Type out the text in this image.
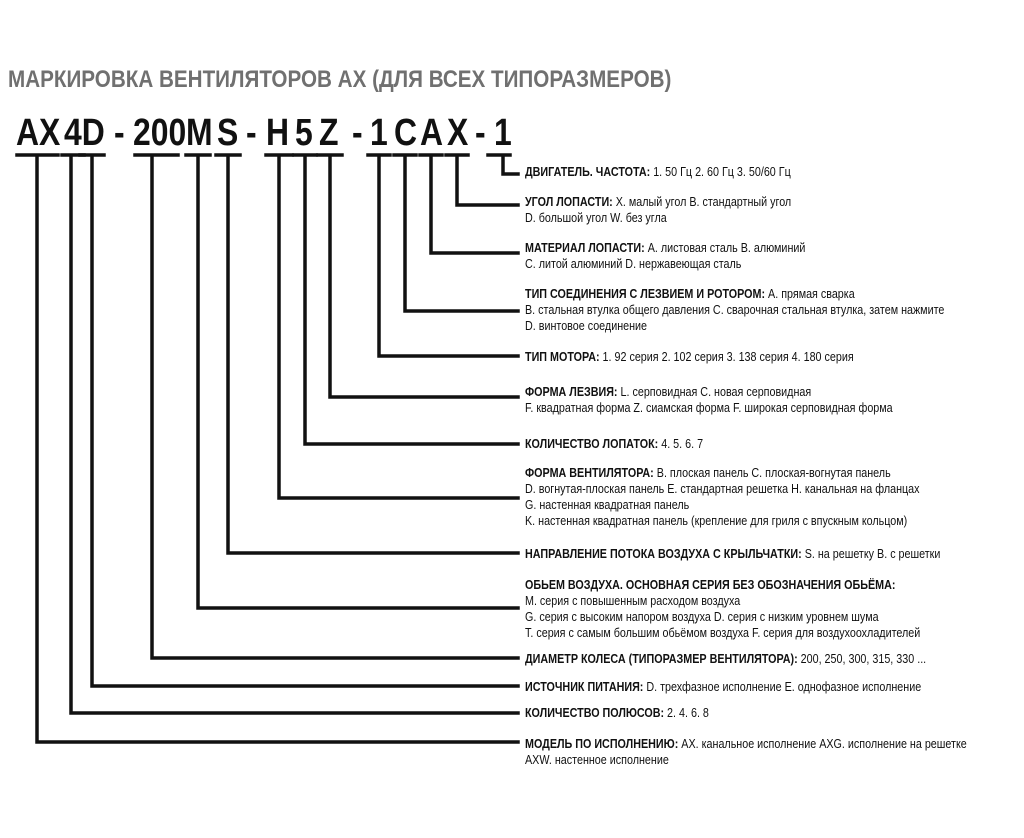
МАРКИРОВКА ВЕНТИЛЯТОРОВ АХ (ДЛЯ ВСЕХ ТИПОРАЗМЕРОВ)
AX 4D - 200 M S - H 5 Z - 1 C A X - 1
ДВИГАТЕЛЬ. ЧАСТОТА: 1. 50 Гц 2. 60 Гц 3. 50/60 Гц
УГОЛ ЛОПАСТИ: X. малый угол B. стандартный угол
D. большой угол W. без угла
МАТЕРИАЛ ЛОПАСТИ: A. листовая сталь B. алюминий
C. литой алюминий D. нержавеющая сталь
ТИП СОЕДИНЕНИЯ С ЛЕЗВИЕМ И РОТОРОМ: A. прямая сварка
B. стальная втулка общего давления C. сварочная стальная втулка, затем нажмите
D. винтовое соединение
ТИП МОТОРА: 1. 92 серия 2. 102 серия 3. 138 серия 4. 180 серия
ФОРМА ЛЕЗВИЯ: L. серповидная C. новая серповидная
F. квадратная форма Z. сиамская форма F. широкая серповидная форма
КОЛИЧЕСТВО ЛОПАТОК: 4. 5. 6. 7
ФОРМА ВЕНТИЛЯТОРА: B. плоская панель C. плоская-вогнутая панель
D. вогнутая-плоская панель E. стандартная решетка H. канальная на фланцах
G. настенная квадратная панель
K. настенная квадратная панель (крепление для гриля с впускным кольцом)
НАПРАВЛЕНИЕ ПОТОКА ВОЗДУХА С КРЫЛЬЧАТКИ: S. на решетку B. с решетки
ОБЬЕМ ВОЗДУХА. ОСНОВНАЯ СЕРИЯ БЕЗ ОБОЗНАЧЕНИЯ ОБЬЁМА:
M. серия с повышенным расходом воздуха
G. серия с высоким напором воздуха D. серия с низким уровнем шума
T. серия с самым большим обьёмом воздуха F. серия для воздухоохладителей
ДИАМЕТР КОЛЕСА (ТИПОРАЗМЕР ВЕНТИЛЯТОРА): 200, 250, 300, 315, 330 ...
ИСТОЧНИК ПИТАНИЯ: D. трехфазное исполнение E. однофазное исполнение
КОЛИЧЕСТВО ПОЛЮСОВ: 2. 4. 6. 8
МОДЕЛЬ ПО ИСПОЛНЕНИЮ: AX. канальное исполнение AXG. исполнение на решетке
AXW. настенное исполнение
